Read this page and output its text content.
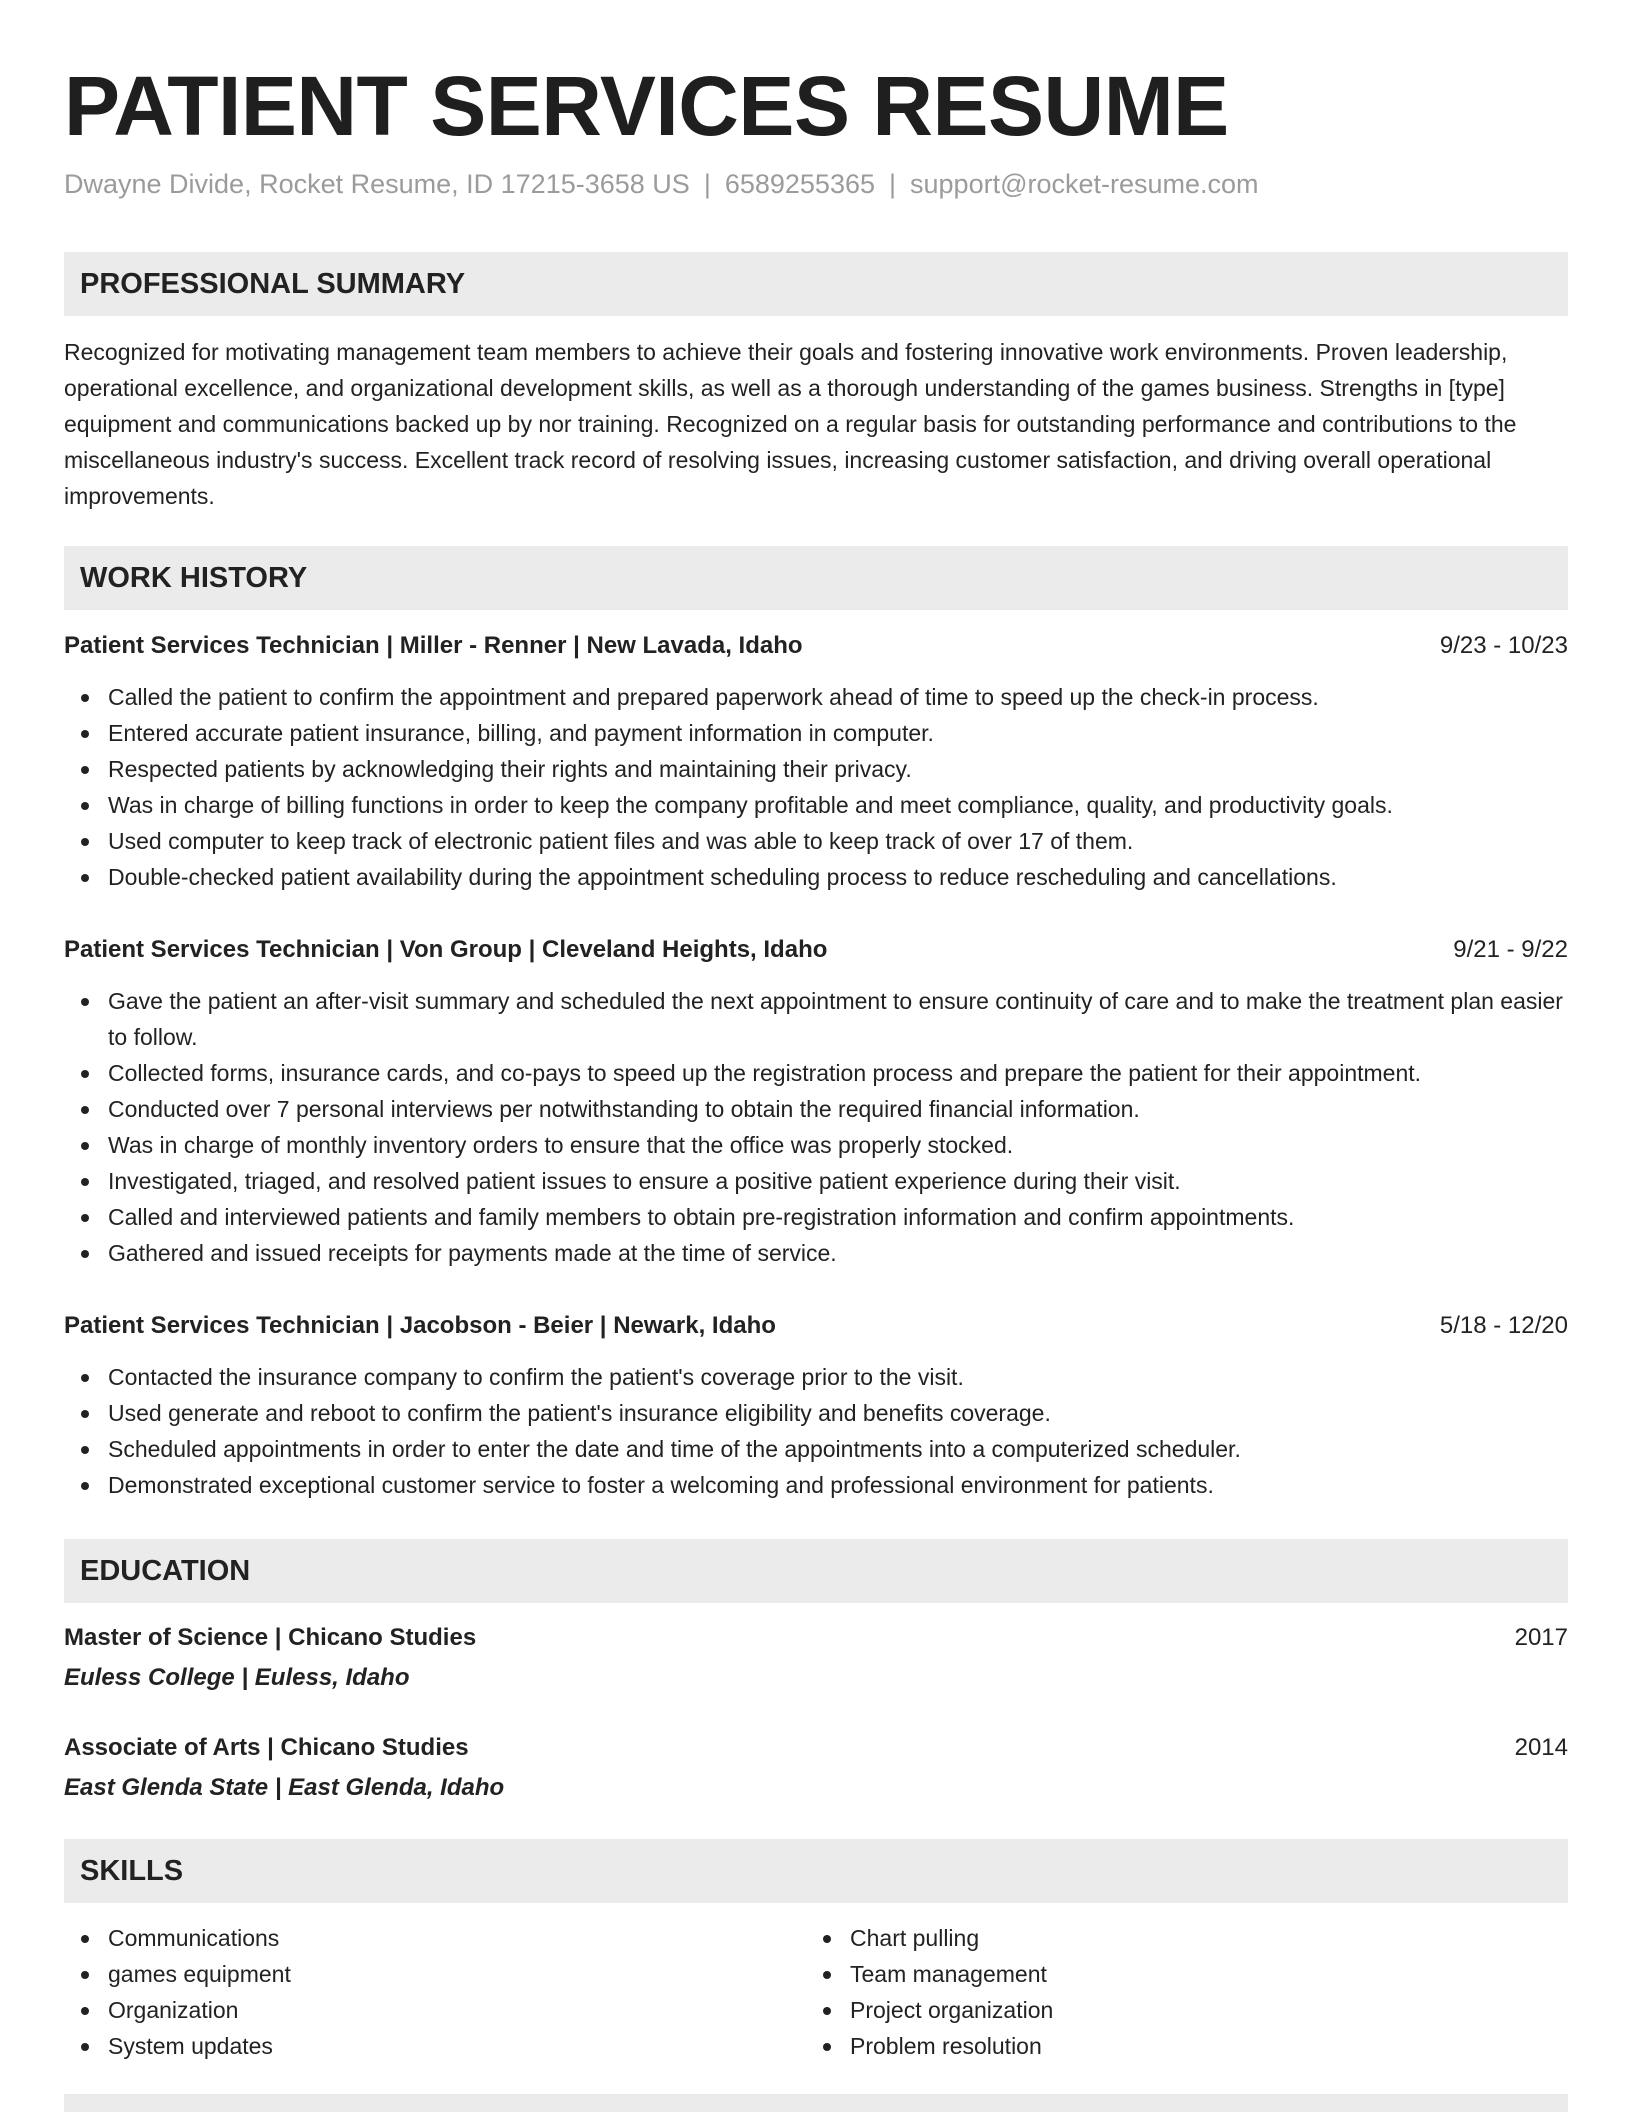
PATIENT SERVICES RESUME
Dwayne Divide, Rocket Resume, ID 17215-3658 US | 6589255365 | support@rocket-resume.com
PROFESSIONAL SUMMARY

Recognized for motivating management team members to achieve their goals and fostering innovative work environments. Proven leadership, operational excellence, and organizational development skills, as well as a thorough understanding of the games business. Strengths in [type] equipment and communications backed up by nor training. Recognized on a regular basis for outstanding performance and contributions to the miscellaneous industry's success. Excellent track record of resolving issues, increasing customer satisfaction, and driving overall operational improvements.

WORK HISTORY
Patient Services Technician | Miller - Renner | New Lavada, Idaho	9/23 - 10/23
Called the patient to confirm the appointment and prepared paperwork ahead of time to speed up the check-in process.
Entered accurate patient insurance, billing, and payment information in computer.
Respected patients by acknowledging their rights and maintaining their privacy.
Was in charge of billing functions in order to keep the company profitable and meet compliance, quality, and productivity goals.
Used computer to keep track of electronic patient files and was able to keep track of over 17 of them.
Double-checked patient availability during the appointment scheduling process to reduce rescheduling and cancellations.
Patient Services Technician | Von Group | Cleveland Heights, Idaho	9/21 - 9/22
Gave the patient an after-visit summary and scheduled the next appointment to ensure continuity of care and to make the treatment plan easier to follow.
Collected forms, insurance cards, and co-pays to speed up the registration process and prepare the patient for their appointment.
Conducted over 7 personal interviews per notwithstanding to obtain the required financial information.
Was in charge of monthly inventory orders to ensure that the office was properly stocked.
Investigated, triaged, and resolved patient issues to ensure a positive patient experience during their visit.
Called and interviewed patients and family members to obtain pre-registration information and confirm appointments.
Gathered and issued receipts for payments made at the time of service.
Patient Services Technician | Jacobson - Beier | Newark, Idaho	5/18 - 12/20
Contacted the insurance company to confirm the patient's coverage prior to the visit.
Used generate and reboot to confirm the patient's insurance eligibility and benefits coverage.
Scheduled appointments in order to enter the date and time of the appointments into a computerized scheduler.
Demonstrated exceptional customer service to foster a welcoming and professional environment for patients.
EDUCATION
Master of Science | Chicano Studies	2017
Euless College | Euless, Idaho
Associate of Arts | Chicano Studies	2014
East Glenda State | East Glenda, Idaho
SKILLS
Communications
games equipment
Organization
System updates
Chart pulling
Team management
Project organization
Problem resolution
